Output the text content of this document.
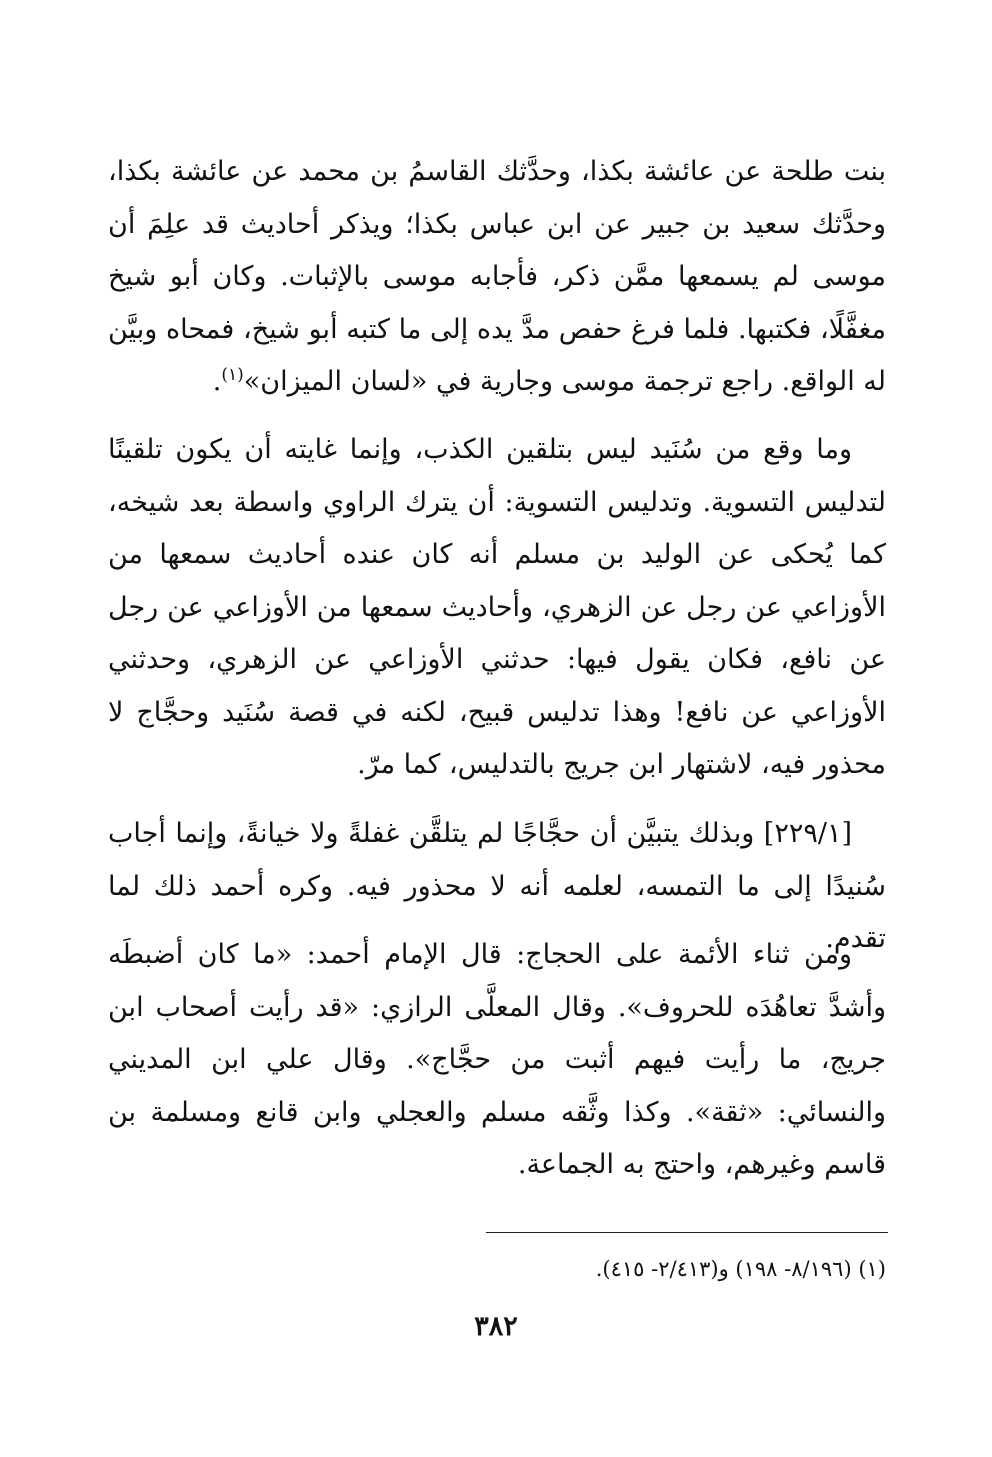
بنت طلحة عن عائشة بكذا، وحدَّثك القاسمُ بن محمد عن عائشة بكذا، وحدَّثك سعيد بن جبير عن ابن عباس بكذا؛ ويذكر أحاديث قد علِمَ أن موسى لم يسمعها ممَّن ذكر، فأجابه موسى بالإثبات. وكان أبو شيخ مغفَّلًا، فكتبها. فلما فرغ حفص مدَّ يده إلى ما كتبه أبو شيخ، فمحاه وبيَّن له الواقع. راجع ترجمة موسى وجارية في «لسان الميزان»$^{(١)}$.

وما وقع من سُنَيد ليس بتلقين الكذب، وإنما غايته أن يكون تلقينًا لتدليس التسوية. وتدليس التسوية: أن يترك الراوي واسطة بعد شيخه، كما يُحكى عن الوليد بن مسلم أنه كان عنده أحاديث سمعها من الأوزاعي عن رجل عن الزهري، وأحاديث سمعها من الأوزاعي عن رجل عن نافع، فكان يقول فيها: حدثني الأوزاعي عن الزهري، وحدثني الأوزاعي عن نافع! وهذا تدليس قبيح، لكنه في قصة سُنَيد وحجَّاج لا محذور فيه، لاشتهار ابن جريج بالتدليس، كما مرّ.

[٢٢٩/١] وبذلك يتبيَّن أن حجَّاجًا لم يتلقَّن غفلةً ولا خيانةً، وإنما أجاب سُنيدًا إلى ما التمسه، لعلمه أنه لا محذور فيه. وكره أحمد ذلك لما تقدم.

ومن ثناء الأئمة على الحجاج: قال الإمام أحمد: «ما كان أضبطَه وأشدَّ تعاهُدَه للحروف». وقال المعلَّى الرازي: «قد رأيت أصحاب ابن جريج، ما رأيت فيهم أثبت من حجَّاج». وقال علي ابن المديني والنسائي: «ثقة». وكذا وثَّقه مسلم والعجلي وابن قانع ومسلمة بن قاسم وغيرهم، واحتج به الجماعة.

(١) (٨/١٩٦- ١٩٨) و(٢/٤١٣- ٤١٥).
٣٨٢
